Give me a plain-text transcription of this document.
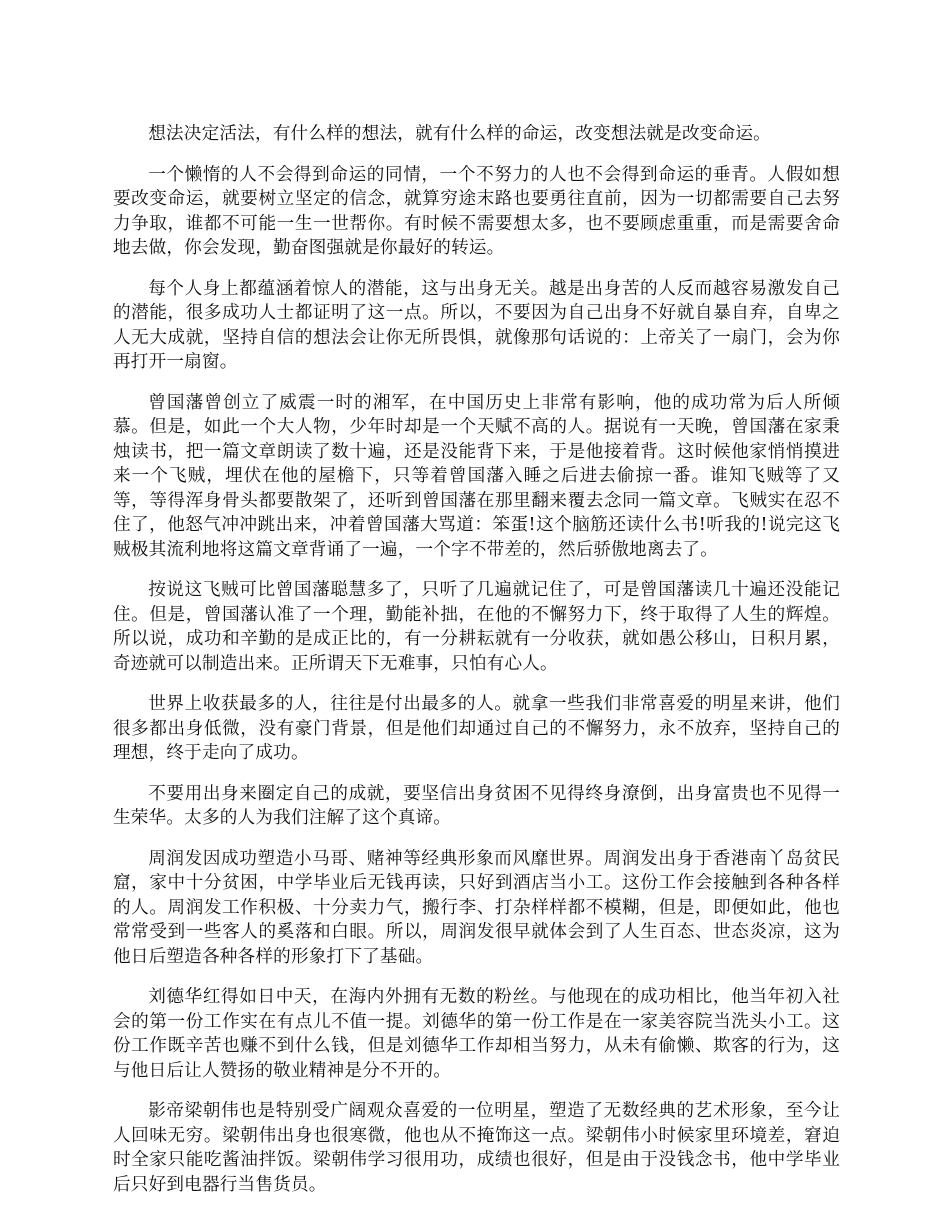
想法决定活法，有什么样的想法，就有什么样的命运，改变想法就是改变命运。

一个懒惰的人不会得到命运的同情，一个不努力的人也不会得到命运的垂青。人假如想要改变命运，就要树立坚定的信念，就算穷途末路也要勇往直前，因为一切都需要自己去努力争取，谁都不可能一生一世帮你。有时候不需要想太多，也不要顾虑重重，而是需要舍命地去做，你会发现，勤奋图强就是你最好的转运。

每个人身上都蕴涵着惊人的潜能，这与出身无关。越是出身苦的人反而越容易激发自己的潜能，很多成功人士都证明了这一点。所以，不要因为自己出身不好就自暴自弃，自卑之人无大成就，坚持自信的想法会让你无所畏惧，就像那句话说的：上帝关了一扇门，会为你再打开一扇窗。

曾国藩曾创立了威震一时的湘军，在中国历史上非常有影响，他的成功常为后人所倾慕。但是，如此一个大人物，少年时却是一个天赋不高的人。据说有一天晚，曾国藩在家秉烛读书，把一篇文章朗读了数十遍，还是没能背下来，于是他接着背。这时候他家悄悄摸进来一个飞贼，埋伏在他的屋檐下，只等着曾国藩入睡之后进去偷掠一番。谁知飞贼等了又等，等得浑身骨头都要散架了，还听到曾国藩在那里翻来覆去念同一篇文章。飞贼实在忍不住了，他怒气冲冲跳出来，冲着曾国藩大骂道：笨蛋!这个脑筋还读什么书!听我的!说完这飞贼极其流利地将这篇文章背诵了一遍，一个字不带差的，然后骄傲地离去了。

按说这飞贼可比曾国藩聪慧多了，只听了几遍就记住了，可是曾国藩读几十遍还没能记住。但是，曾国藩认准了一个理，勤能补拙，在他的不懈努力下，终于取得了人生的辉煌。所以说，成功和辛勤的是成正比的，有一分耕耘就有一分收获，就如愚公移山，日积月累，奇迹就可以制造出来。正所谓天下无难事，只怕有心人。

世界上收获最多的人，往往是付出最多的人。就拿一些我们非常喜爱的明星来讲，他们很多都出身低微，没有豪门背景，但是他们却通过自己的不懈努力，永不放弃，坚持自己的理想，终于走向了成功。

不要用出身来圈定自己的成就，要坚信出身贫困不见得终身潦倒，出身富贵也不见得一生荣华。太多的人为我们注解了这个真谛。

周润发因成功塑造小马哥、赌神等经典形象而风靡世界。周润发出身于香港南丫岛贫民窟，家中十分贫困，中学毕业后无钱再读，只好到酒店当小工。这份工作会接触到各种各样的人。周润发工作积极、十分卖力气，搬行李、打杂样样都不模糊，但是，即便如此，他也常常受到一些客人的奚落和白眼。所以，周润发很早就体会到了人生百态、世态炎凉，这为他日后塑造各种各样的形象打下了基础。

刘德华红得如日中天，在海内外拥有无数的粉丝。与他现在的成功相比，他当年初入社会的第一份工作实在有点儿不值一提。刘德华的第一份工作是在一家美容院当洗头小工。这份工作既辛苦也赚不到什么钱，但是刘德华工作却相当努力，从未有偷懒、欺客的行为，这与他日后让人赞扬的敬业精神是分不开的。

影帝梁朝伟也是特别受广阔观众喜爱的一位明星，塑造了无数经典的艺术形象，至今让人回味无穷。梁朝伟出身也很寒微，他也从不掩饰这一点。梁朝伟小时候家里环境差，窘迫时全家只能吃酱油拌饭。梁朝伟学习很用功，成绩也很好，但是由于没钱念书，他中学毕业后只好到电器行当售货员。
